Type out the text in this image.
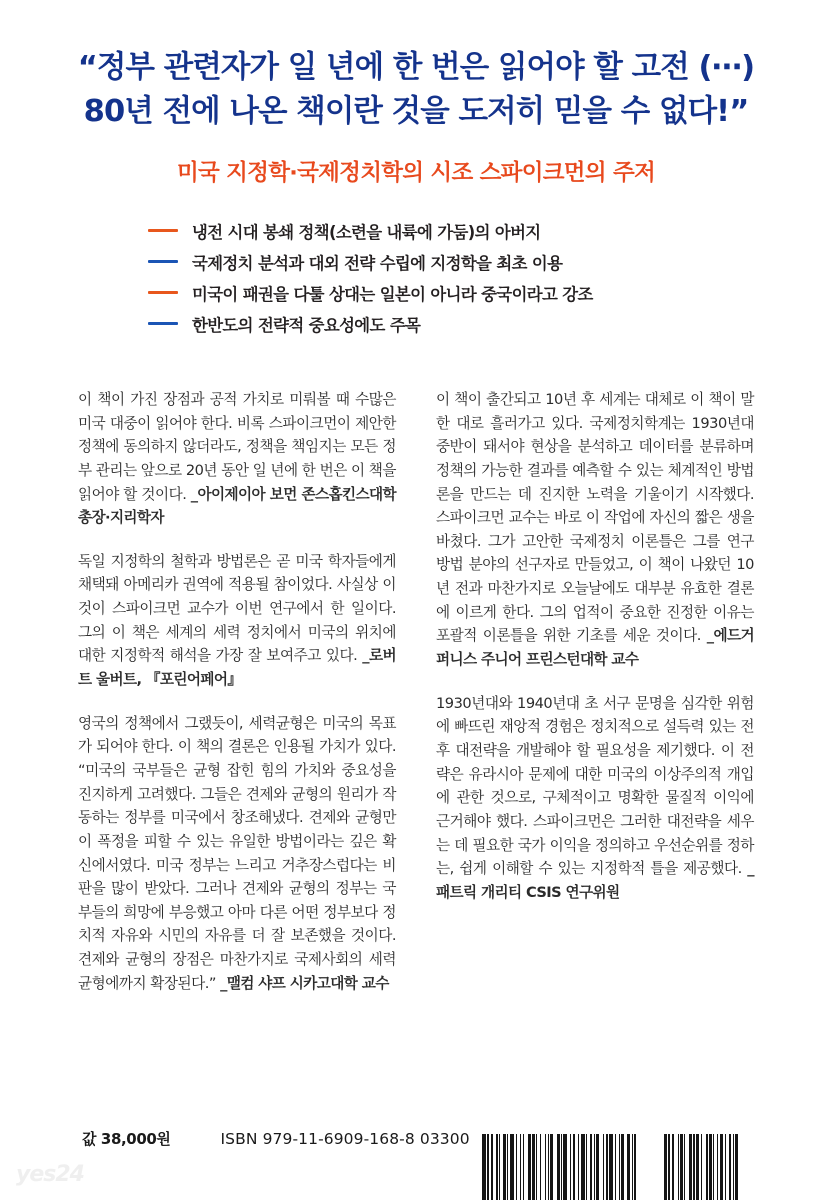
“정부 관련자가 일 년에 한 번은 읽어야 할 고전 (⋯)
80년 전에 나온 책이란 것을 도저히 믿을 수 없다!”
미국 지정학·국제정치학의 시조 스파이크먼의 주저
냉전 시대 봉쇄 정책(소련을 내륙에 가둠)의 아버지
국제정치 분석과 대외 전략 수립에 지정학을 최초 이용
미국이 패권을 다툴 상대는 일본이 아니라 중국이라고 강조
한반도의 전략적 중요성에도 주목

이 책이 가진 장점과 공적 가치로 미뤄볼 때 수많은 미국 대중이 읽어야 한다. 비록 스파이크먼이 제안한 정책에 동의하지 않더라도, 정책을 책임지는 모든 정부 관리는 앞으로 20년 동안 일 년에 한 번은 이 책을 읽어야 할 것이다. _아이제이아 보먼 존스홉킨스대학 총장·지리학자

독일 지정학의 철학과 방법론은 곧 미국 학자들에게 채택돼 아메리카 권역에 적용될 참이었다. 사실상 이것이 스파이크먼 교수가 이번 연구에서 한 일이다. 그의 이 책은 세계의 세력 정치에서 미국의 위치에 대한 지정학적 해석을 가장 잘 보여주고 있다. _로버트 울버트, 『포린어페어』

영국의 정책에서 그랬듯이, 세력균형은 미국의 목표가 되어야 한다. 이 책의 결론은 인용될 가치가 있다. “미국의 국부들은 균형 잡힌 힘의 가치와 중요성을 진지하게 고려했다. 그들은 견제와 균형의 원리가 작동하는 정부를 미국에서 창조해냈다. 견제와 균형만이 폭정을 피할 수 있는 유일한 방법이라는 깊은 확신에서였다. 미국 정부는 느리고 거추장스럽다는 비판을 많이 받았다. 그러나 견제와 균형의 정부는 국부들의 희망에 부응했고 아마 다른 어떤 정부보다 정치적 자유와 시민의 자유를 더 잘 보존했을 것이다. 견제와 균형의 장점은 마찬가지로 국제사회의 세력균형에까지 확장된다.” _맬컴 샤프 시카고대학 교수

이 책이 출간되고 10년 후 세계는 대체로 이 책이 말한 대로 흘러가고 있다. 국제정치학계는 1930년대 중반이 돼서야 현상을 분석하고 데이터를 분류하며 정책의 가능한 결과를 예측할 수 있는 체계적인 방법론을 만드는 데 진지한 노력을 기울이기 시작했다. 스파이크먼 교수는 바로 이 작업에 자신의 짧은 생을 바쳤다. 그가 고안한 국제정치 이론틀은 그를 연구 방법 분야의 선구자로 만들었고, 이 책이 나왔던 10년 전과 마찬가지로 오늘날에도 대부분 유효한 결론에 이르게 한다. 그의 업적이 중요한 진정한 이유는 포괄적 이론틀을 위한 기초를 세운 것이다. _에드거 퍼니스 주니어 프린스턴대학 교수

1930년대와 1940년대 초 서구 문명을 심각한 위험에 빠뜨린 재앙적 경험은 정치적으로 설득력 있는 전후 대전략을 개발해야 할 필요성을 제기했다. 이 전략은 유라시아 문제에 대한 미국의 이상주의적 개입에 관한 것으로, 구체적이고 명확한 물질적 이익에 근거해야 했다. 스파이크먼은 그러한 대전략을 세우는 데 필요한 국가 이익을 정의하고 우선순위를 정하는, 쉽게 이해할 수 있는 지정학적 틀을 제공했다. _패트릭 개리티 CSIS 연구위원

값 38,000원	ISBN 979-11-6909-168-8 03300
yes24
